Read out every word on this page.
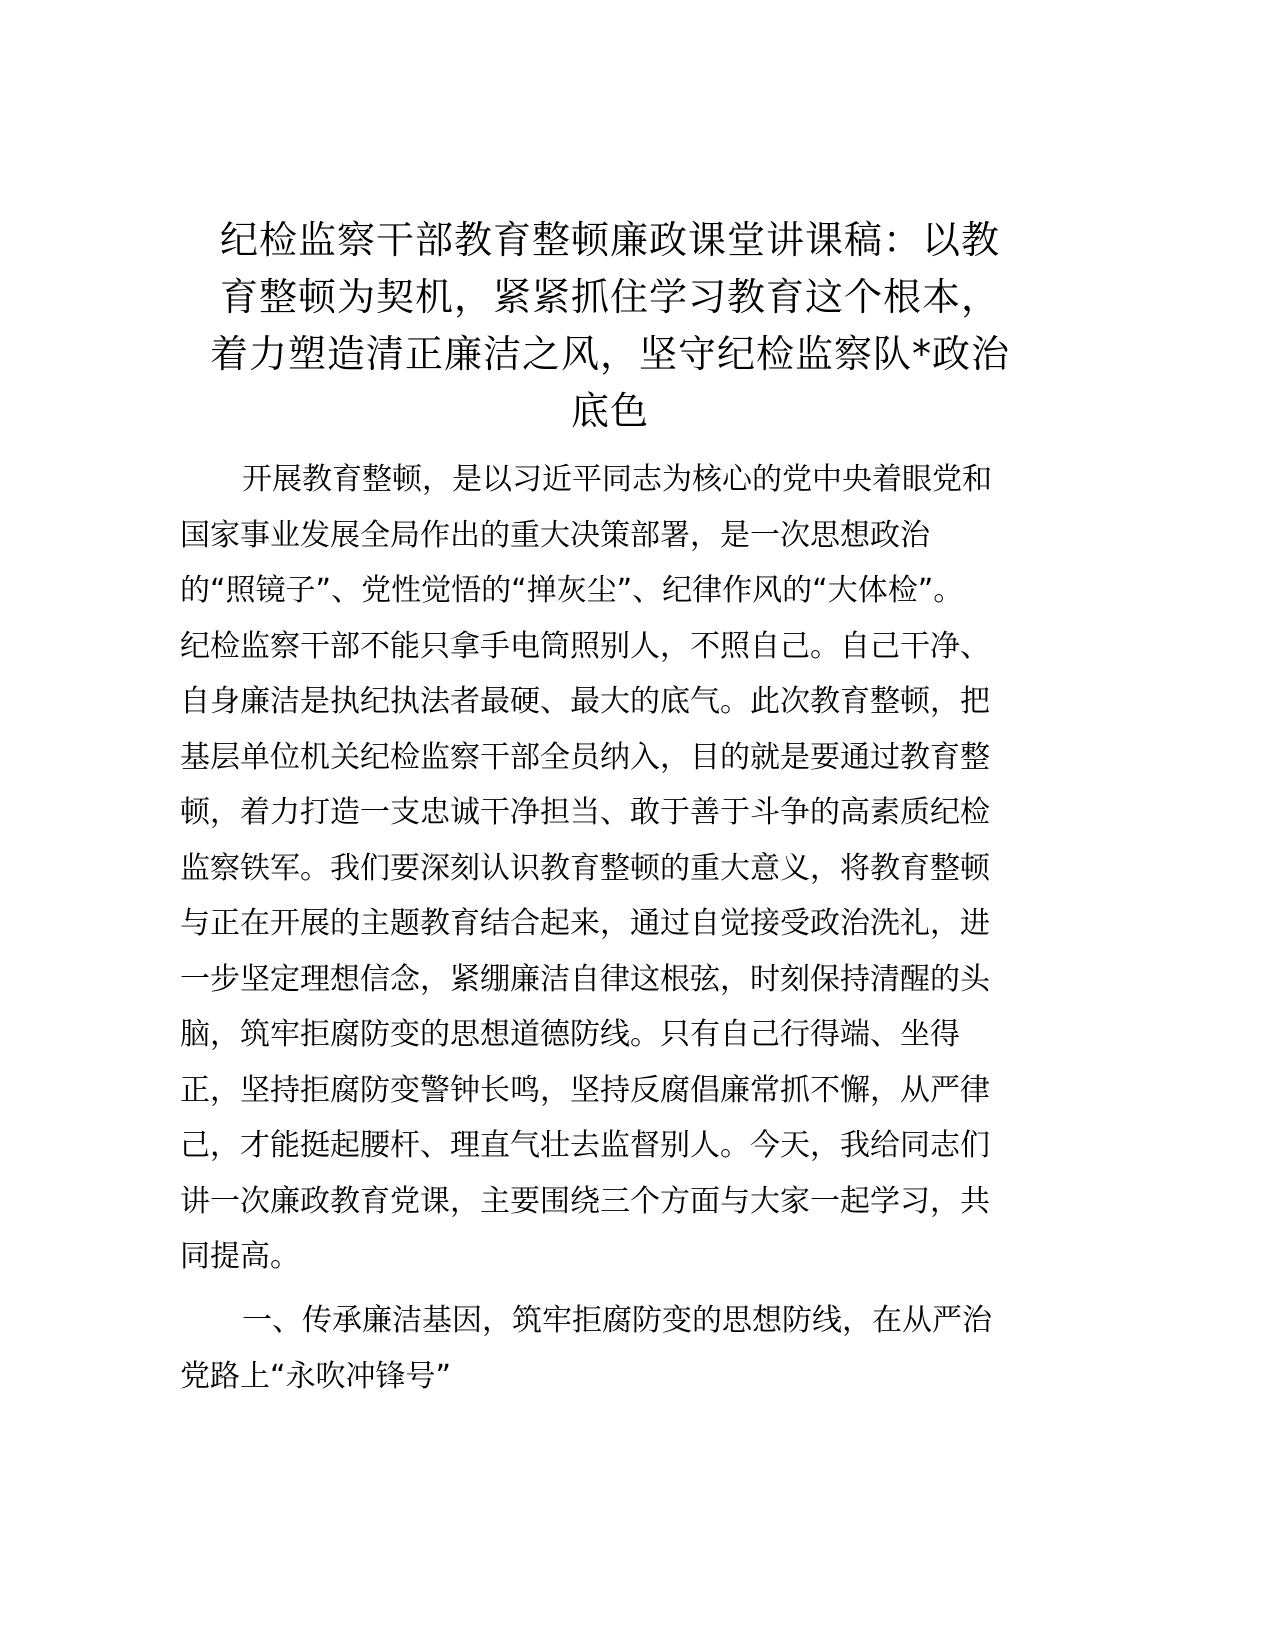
纪检监察干部教育整顿廉政课堂讲课稿：以教
育整顿为契机，紧紧抓住学习教育这个根本，
着力塑造清正廉洁之风，坚守纪检监察队*政治
底色
开展教育整顿，是以习近平同志为核心的党中央着眼党和
国家事业发展全局作出的重大决策部署，是一次思想政治
的“照镜子”、党性觉悟的“掸灰尘”、纪律作风的“大体检”。
纪检监察干部不能只拿手电筒照别人，不照自己。自己干净、
自身廉洁是执纪执法者最硬、最大的底气。此次教育整顿，把
基层单位机关纪检监察干部全员纳入，目的就是要通过教育整
顿，着力打造一支忠诚干净担当、敢于善于斗争的高素质纪检
监察铁军。我们要深刻认识教育整顿的重大意义，将教育整顿
与正在开展的主题教育结合起来，通过自觉接受政治洗礼，进
一步坚定理想信念，紧绷廉洁自律这根弦，时刻保持清醒的头
脑，筑牢拒腐防变的思想道德防线。只有自己行得端、坐得
正，坚持拒腐防变警钟长鸣，坚持反腐倡廉常抓不懈，从严律
己，才能挺起腰杆、理直气壮去监督别人。今天，我给同志们
讲一次廉政教育党课，主要围绕三个方面与大家一起学习，共
同提高。
一、传承廉洁基因，筑牢拒腐防变的思想防线，在从严治
党路上“永吹冲锋号”
